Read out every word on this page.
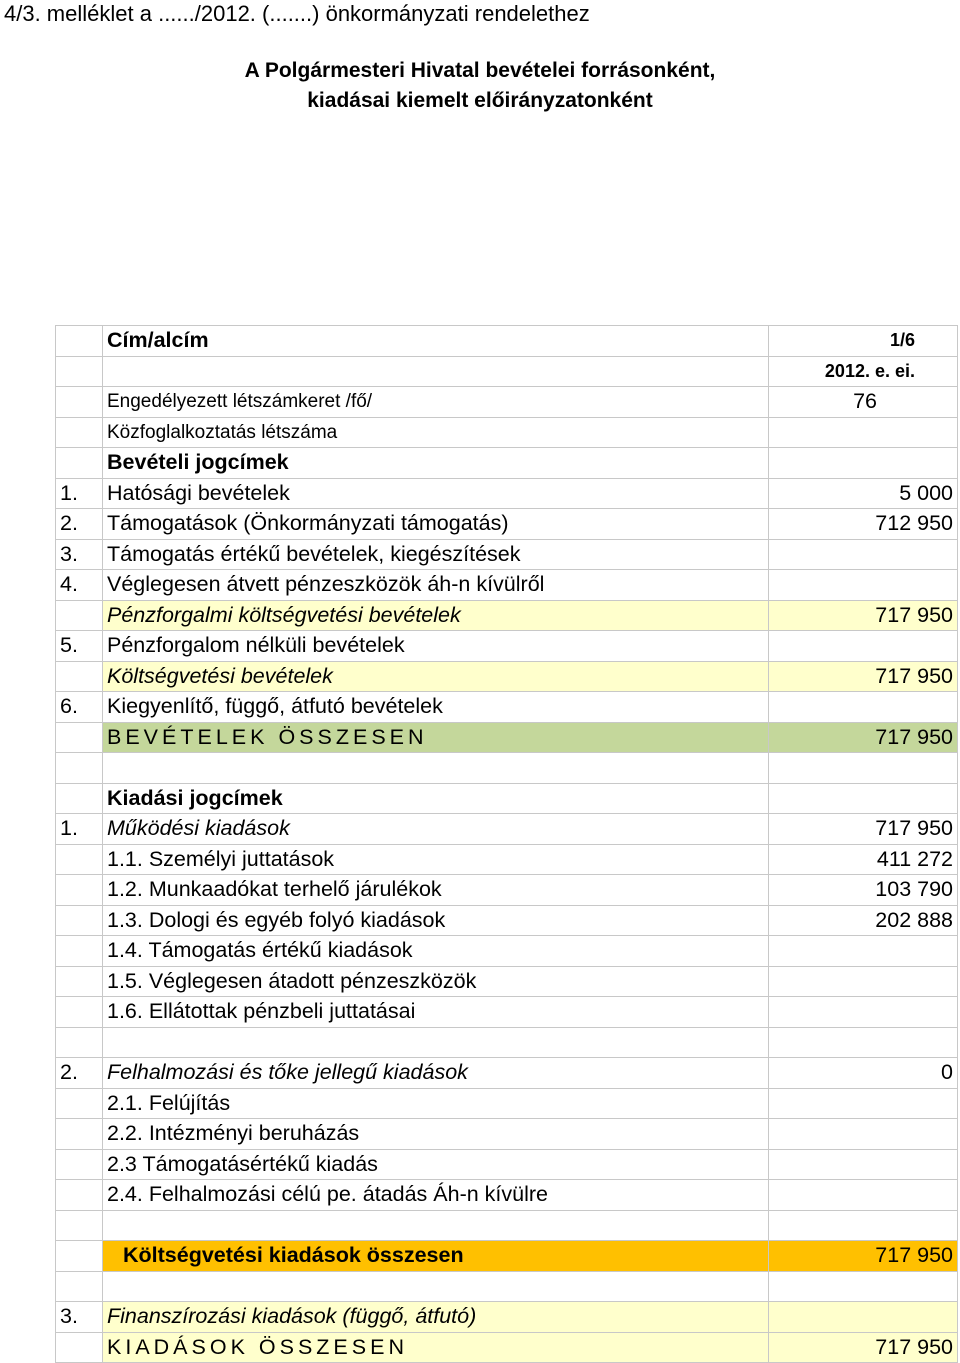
4/3. melléklet a ....../2012. (.......) önkormányzati rendelethez
A Polgármesteri Hivatal bevételei forrásonként,
kiadásai kiemelt előirányzatonként
	Cím/alcím	1/6
		2012. e. ei.
	Engedélyezett létszámkeret /fő/	76
	Közfoglalkoztatás létszáma	
	Bevételi jogcímek	
1.	Hatósági bevételek	5 000
2.	Támogatások (Önkormányzati támogatás)	712 950
3.	Támogatás értékű bevételek, kiegészítések	
4.	Véglegesen átvett pénzeszközök áh-n kívülről	
	Pénzforgalmi költségvetési bevételek	717 950
5.	Pénzforgalom nélküli bevételek	
	Költségvetési bevételek	717 950
6.	Kiegyenlítő, függő, átfutó bevételek	
	BEVÉTELEK ÖSSZESEN	717 950

	Kiadási jogcímek	
1.	Működési kiadások	717 950
	1.1. Személyi juttatások	411 272
	1.2. Munkaadókat terhelő járulékok	103 790
	1.3. Dologi és egyéb folyó kiadások	202 888
	1.4. Támogatás értékű kiadások	
	1.5. Véglegesen átadott pénzeszközök	
	1.6. Ellátottak pénzbeli juttatásai	

2.	Felhalmozási és tőke jellegű kiadások	0
	2.1. Felújítás	
	2.2. Intézményi beruházás	
	2.3 Támogatásértékű kiadás	
	2.4. Felhalmozási célú pe. átadás Áh-n kívülre	

	Költségvetési kiadások összesen	717 950

3.	Finanszírozási kiadások (függő, átfutó)	
	KIADÁSOK ÖSSZESEN	717 950
